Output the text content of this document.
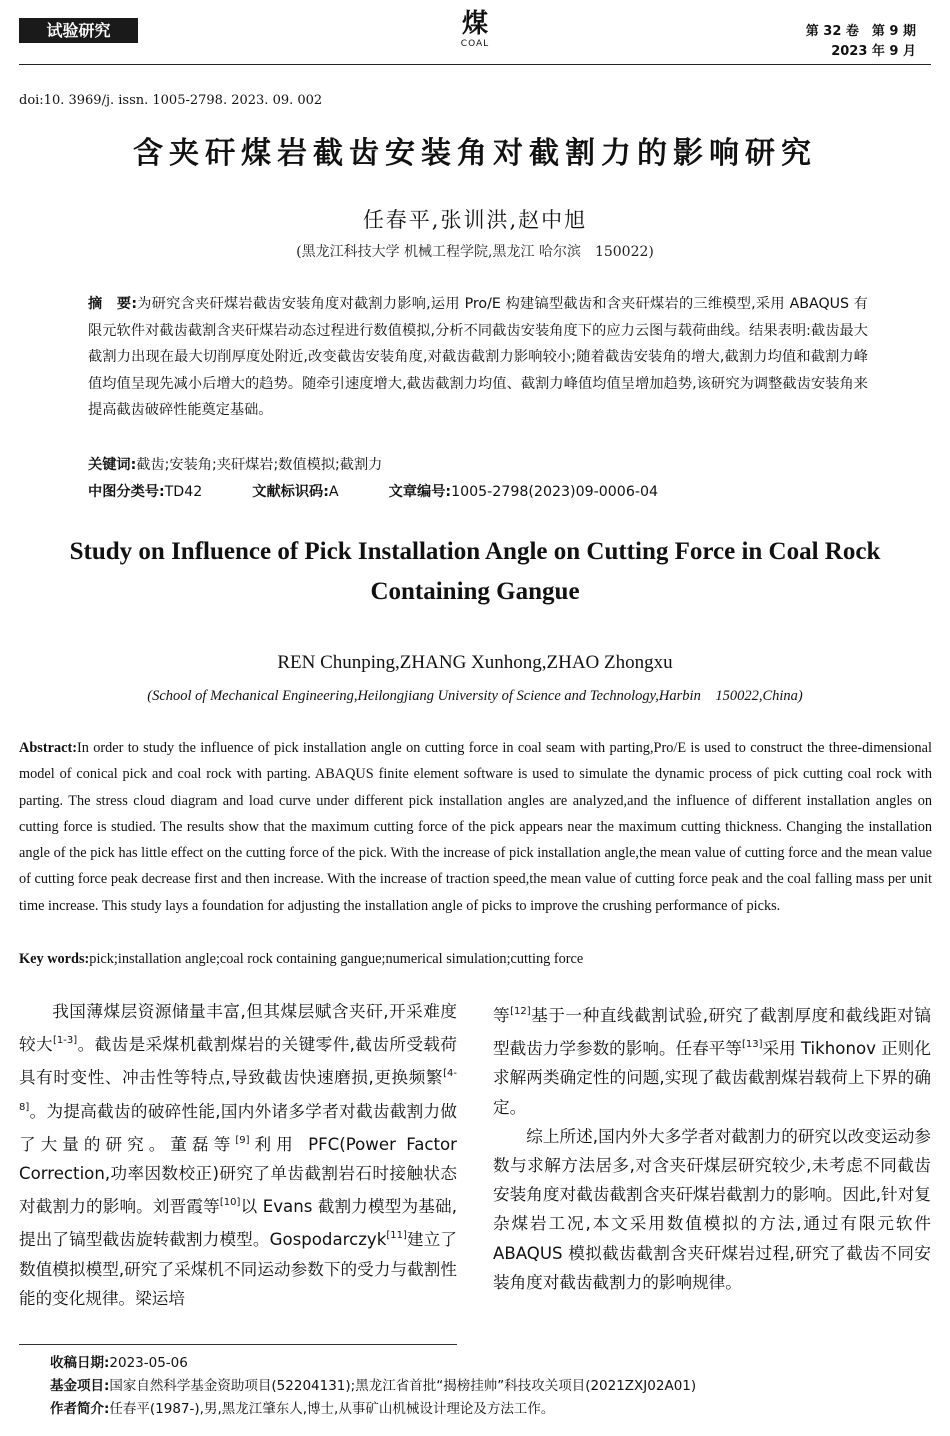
试验研究	煤
COAL
第 32 卷　第 9 期
2023 年 9 月
doi:10. 3969/j. issn. 1005-2798. 2023. 09. 002
含夹矸煤岩截齿安装角对截割力的影响研究
任春平,张训洪,赵中旭
(黑龙江科技大学 机械工程学院,黑龙江 哈尔滨　150022)
摘　要:为研究含夹矸煤岩截齿安装角度对截割力影响,运用 Pro/E 构建镐型截齿和含夹矸煤岩的三维模型,采用 ABAQUS 有限元软件对截齿截割含夹矸煤岩动态过程进行数值模拟,分析不同截齿安装角度下的应力云图与载荷曲线。结果表明:截齿最大截割力出现在最大切削厚度处附近,改变截齿安装角度,对截齿截割力影响较小;随着截齿安装角的增大,截割力均值和截割力峰值均值呈现先减小后增大的趋势。随牵引速度增大,截齿截割力均值、截割力峰值均值呈增加趋势,该研究为调整截齿安装角来提高截齿破碎性能奠定基础。
关键词:截齿;安装角;夹矸煤岩;数值模拟;截割力
中图分类号:TD42	文献标识码:A	文章编号:1005-2798(2023)09-0006-04
Study on Influence of Pick Installation Angle on Cutting Force in Coal Rock Containing Gangue
REN Chunping,ZHANG Xunhong,ZHAO Zhongxu
(School of Mechanical Engineering,Heilongjiang University of Science and Technology,Harbin　150022,China)
Abstract:In order to study the influence of pick installation angle on cutting force in coal seam with parting,Pro/E is used to construct the three-dimensional model of conical pick and coal rock with parting. ABAQUS finite element software is used to simulate the dynamic process of pick cutting coal rock with parting. The stress cloud diagram and load curve under different pick installation angles are analyzed,and the influence of different installation angles on cutting force is studied. The results show that the maximum cutting force of the pick appears near the maximum cutting thickness. Changing the installation angle of the pick has little effect on the cutting force of the pick. With the increase of pick installation angle,the mean value of cutting force and the mean value of cutting force peak decrease first and then increase. With the increase of traction speed,the mean value of cutting force peak and the coal falling mass per unit time increase. This study lays a foundation for adjusting the installation angle of picks to improve the crushing performance of picks.
Key words:pick;installation angle;coal rock containing gangue;numerical simulation;cutting force

我国薄煤层资源储量丰富,但其煤层赋含夹矸,开采难度较大[1-3]。截齿是采煤机截割煤岩的关键零件,截齿所受载荷具有时变性、冲击性等特点,导致截齿快速磨损,更换频繁[4-8]。为提高截齿的破碎性能,国内外诸多学者对截齿截割力做了大量的研究。董磊等[9]利用 PFC(Power Factor Correction,功率因数校正)研究了单齿截割岩石时接触状态对截割力的影响。刘晋霞等[10]以 Evans 截割力模型为基础,提出了镐型截齿旋转截割力模型。Gospodarczyk[11]建立了数值模拟模型,研究了采煤机不同运动参数下的受力与截割性能的变化规律。梁运培

等[12]基于一种直线截割试验,研究了截割厚度和截线距对镐型截齿力学参数的影响。任春平等[13]采用 Tikhonov 正则化求解两类确定性的问题,实现了截齿截割煤岩载荷上下界的确定。

综上所述,国内外大多学者对截割力的研究以改变运动参数与求解方法居多,对含夹矸煤层研究较少,未考虑不同截齿安装角度对截齿截割含夹矸煤岩截割力的影响。因此,针对复杂煤岩工况,本文采用数值模拟的方法,通过有限元软件 ABAQUS 模拟截齿截割含夹矸煤岩过程,研究了截齿不同安装角度对截齿截割力的影响规律。

收稿日期:2023-05-06
基金项目:国家自然科学基金资助项目(52204131);黑龙江省首批“揭榜挂帅”科技攻关项目(2021ZXJ02A01)
作者简介:任春平(1987-),男,黑龙江肇东人,博士,从事矿山机械设计理论及方法工作。
